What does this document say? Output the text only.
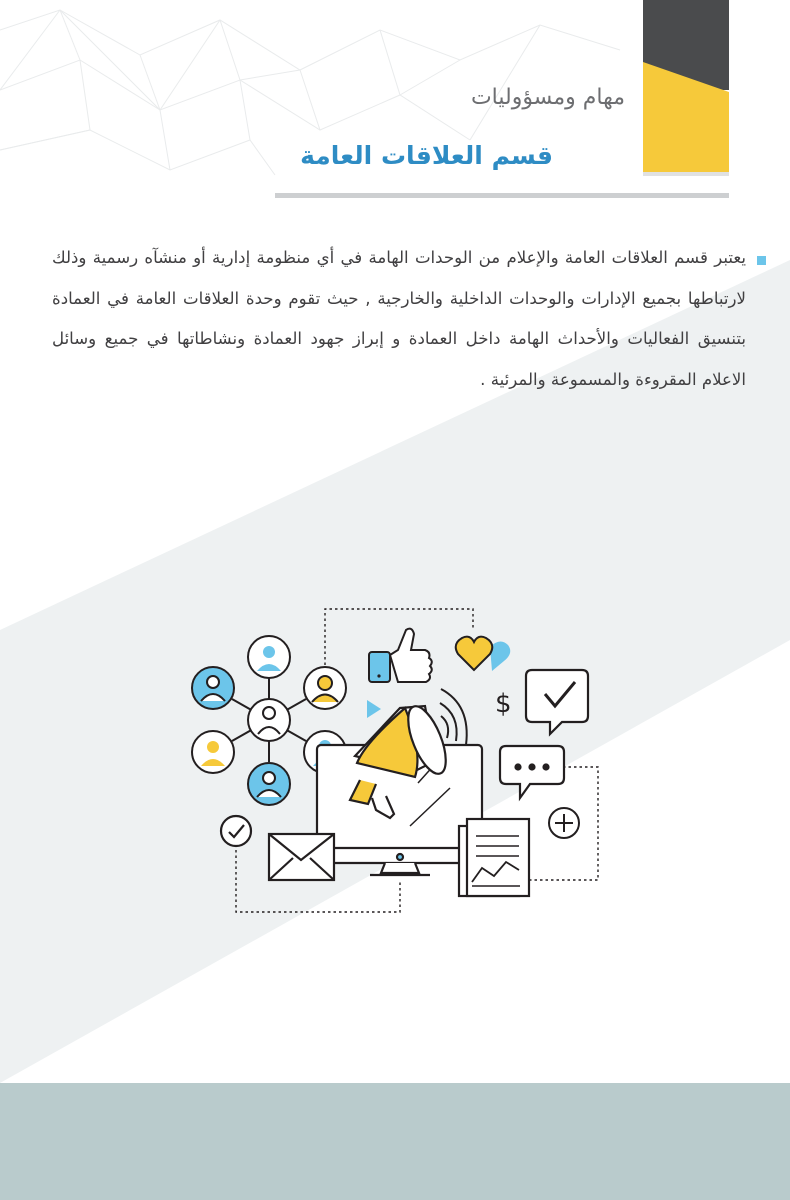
مهام ومسؤوليات
قسم العلاقات العامة

يعتبر قسم العلاقات العامة والإعلام من الوحدات الهامة في أي منظومة إدارية أو منشآه رسمية وذلك لارتباطها بجميع الإدارات والوحدات الداخلية والخارجية , حيث تقوم وحدة العلاقات العامة في العمادة بتنسيق الفعاليات والأحداث الهامة داخل العمادة و إبراز جهود العمادة ونشاطاتها في جميع وسائل الاعلام المقروءة والمسموعة والمرئية .

$
